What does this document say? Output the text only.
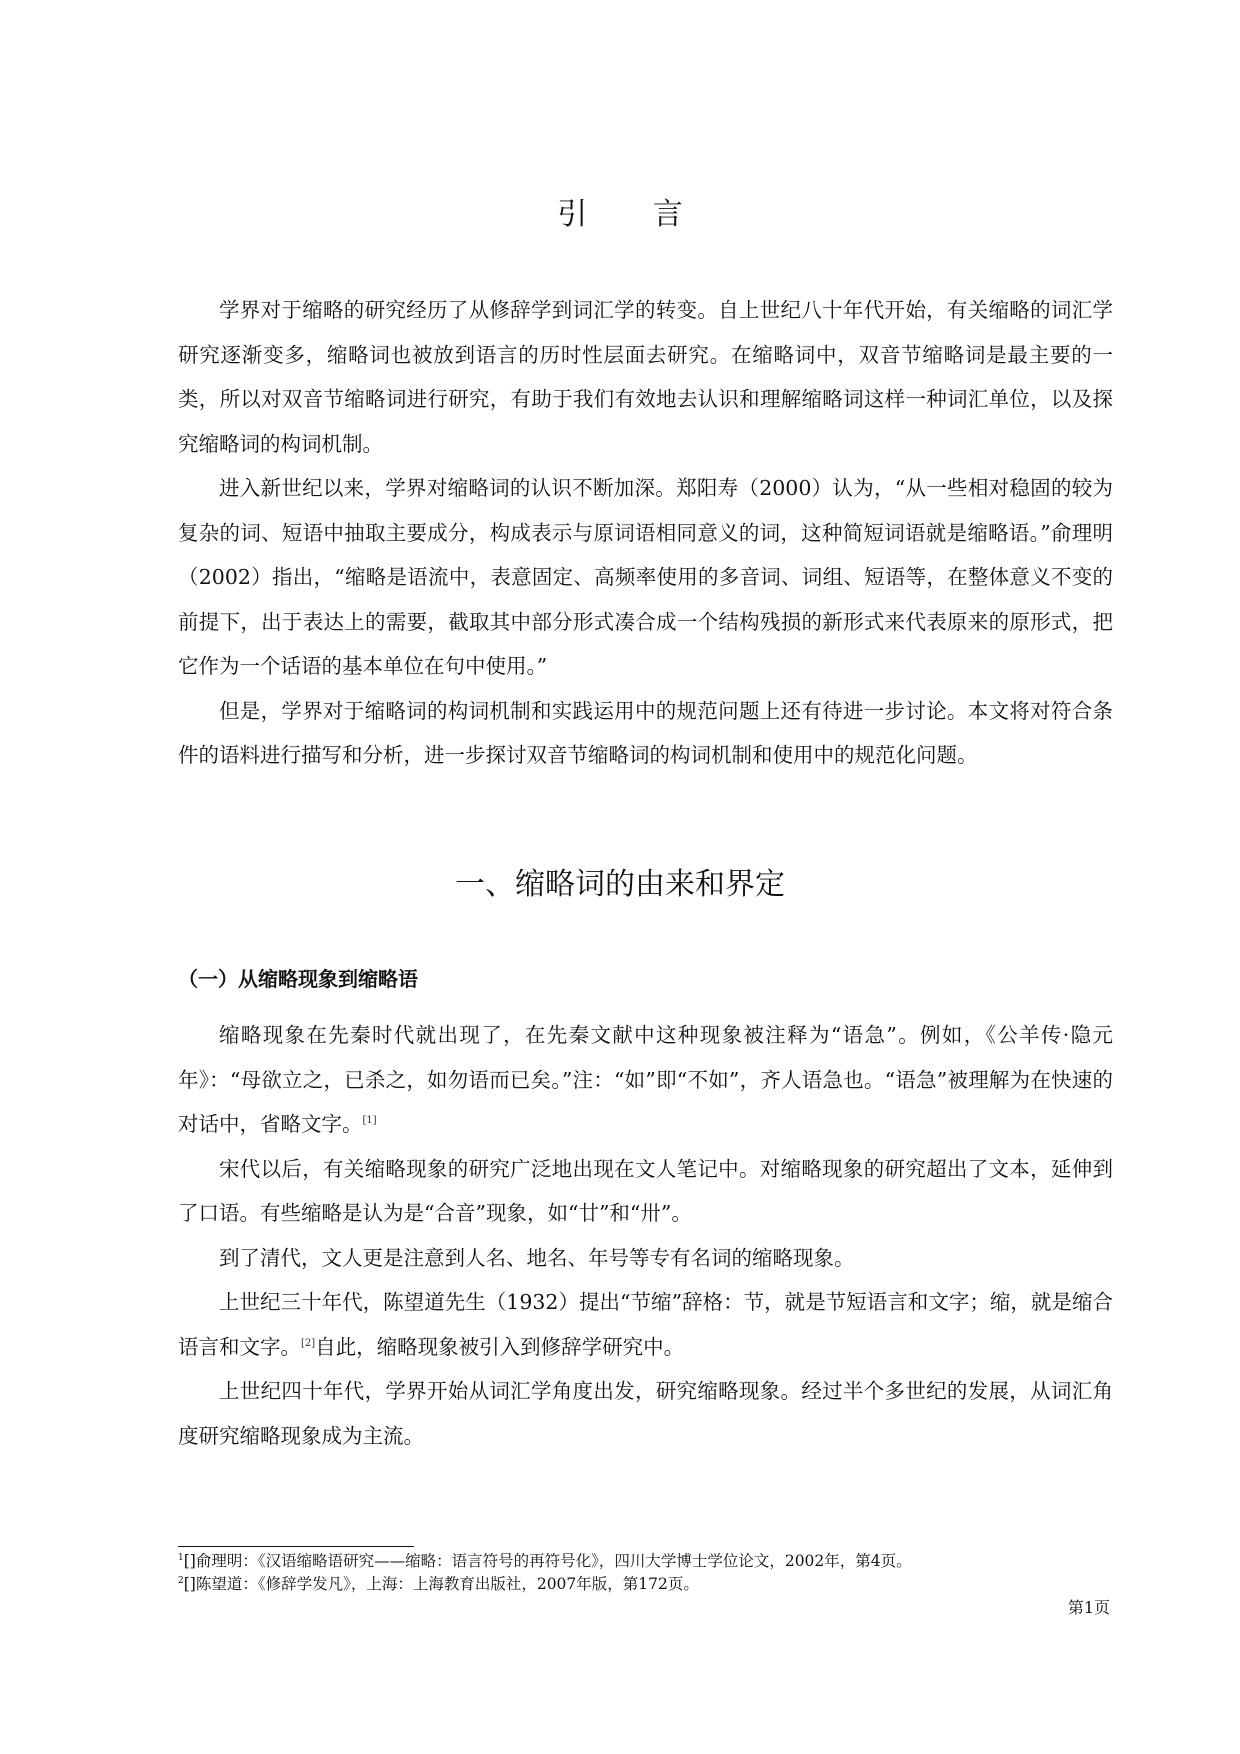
引 言

学界对于缩略的研究经历了从修辞学到词汇学的转变。自上世纪八十年代开始，有关缩略的词汇学研究逐渐变多，缩略词也被放到语言的历时性层面去研究。在缩略词中，双音节缩略词是最主要的一类，所以对双音节缩略词进行研究，有助于我们有效地去认识和理解缩略词这样一种词汇单位，以及探究缩略词的构词机制。

进入新世纪以来，学界对缩略词的认识不断加深。郑阳寿（2000）认为，“从一些相对稳固的较为复杂的词、短语中抽取主要成分，构成表示与原词语相同意义的词，这种简短词语就是缩略语。”俞理明（2002）指出，“缩略是语流中，表意固定、高频率使用的多音词、词组、短语等，在整体意义不变的前提下，出于表达上的需要，截取其中部分形式凑合成一个结构残损的新形式来代表原来的原形式，把它作为一个话语的基本单位在句中使用。”

但是，学界对于缩略词的构词机制和实践运用中的规范问题上还有待进一步讨论。本文将对符合条件的语料进行描写和分析，进一步探讨双音节缩略词的构词机制和使用中的规范化问题。

一、缩略词的由来和界定
（一）从缩略现象到缩略语

缩略现象在先秦时代就出现了，在先秦文献中这种现象被注释为“语急”。例如，《公羊传·隐元年》：“母欲立之，已杀之，如勿语而已矣。”注：“如”即“不如”，齐人语急也。“语急”被理解为在快速的对话中，省略文字。[1]

宋代以后，有关缩略现象的研究广泛地出现在文人笔记中。对缩略现象的研究超出了文本，延伸到了口语。有些缩略是认为是“合音”现象，如“廿”和“卅”。

到了清代，文人更是注意到人名、地名、年号等专有名词的缩略现象。

上世纪三十年代，陈望道先生（1932）提出“节缩”辞格：节，就是节短语言和文字；缩，就是缩合语言和文字。[2]自此，缩略现象被引入到修辞学研究中。

上世纪四十年代，学界开始从词汇学角度出发，研究缩略现象。经过半个多世纪的发展，从词汇角度研究缩略现象成为主流。

$^1$[]俞理明：《汉语缩略语研究——缩略：语言符号的再符号化》，四川大学博士学位论文，2002年，第4页。
$^2$[]陈望道：《修辞学发凡》，上海：上海教育出版社，2007年版，第172页。
第1页
